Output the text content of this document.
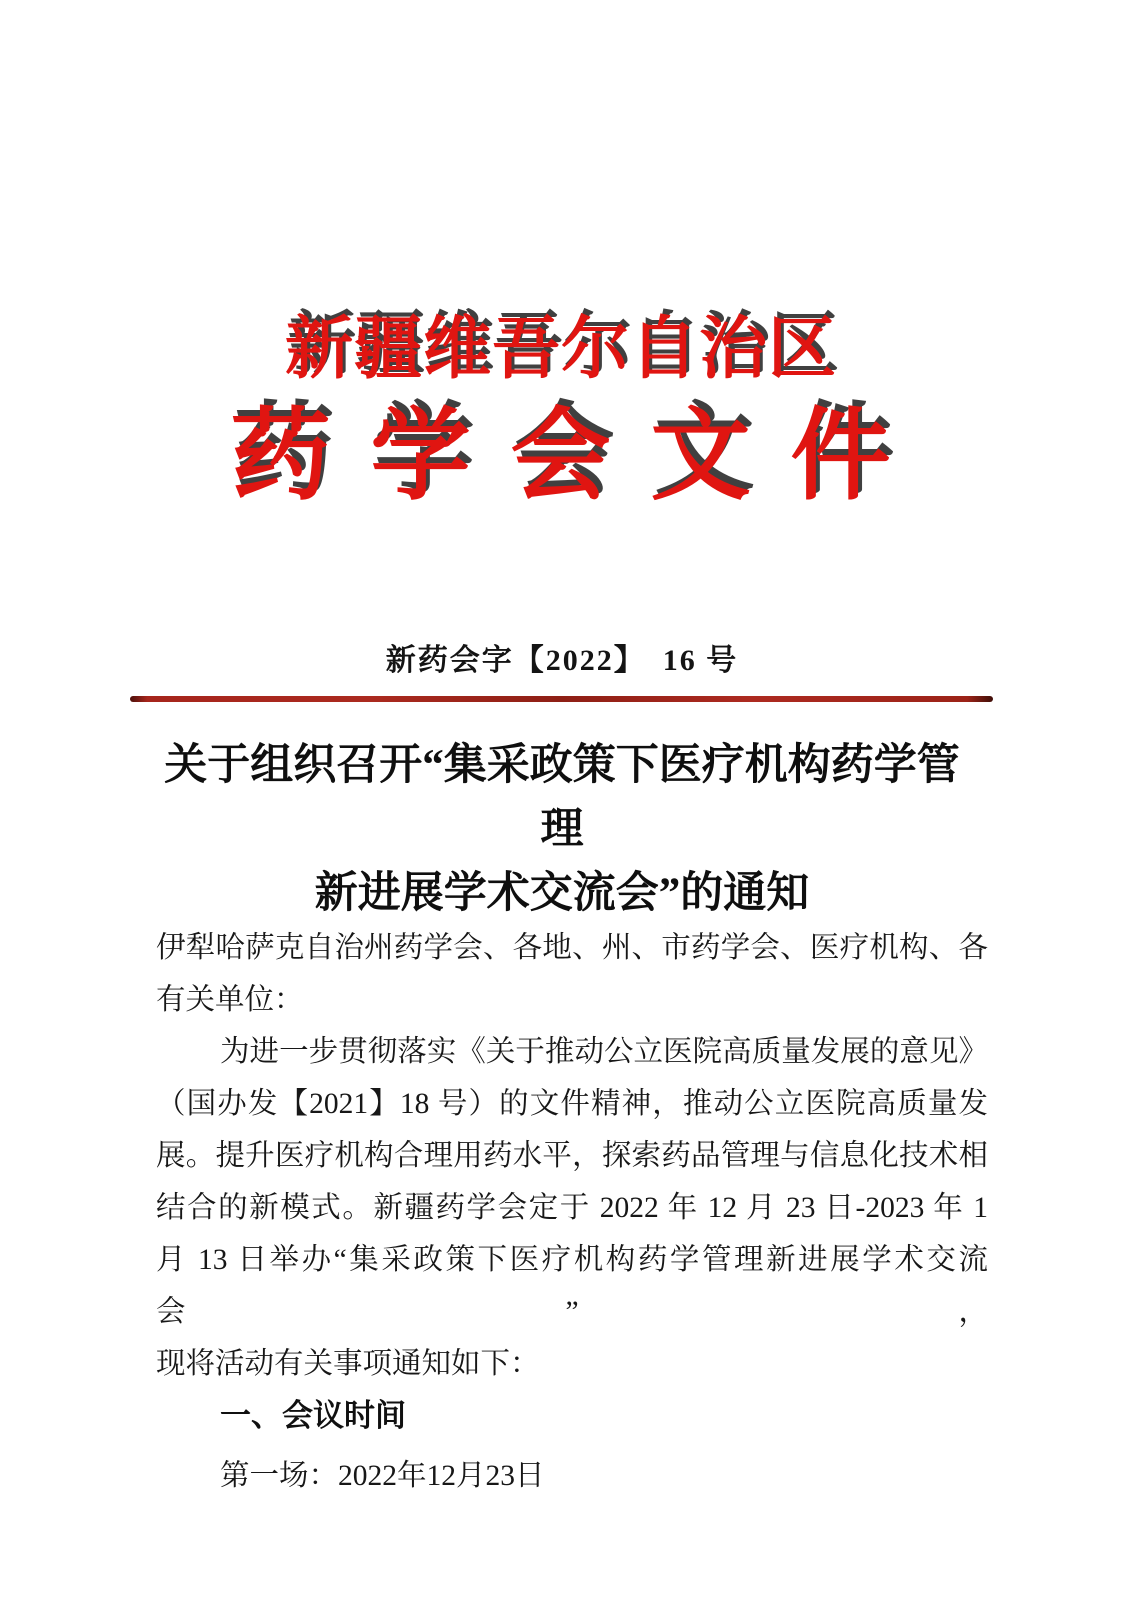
新疆维吾尔自治区
药学会文件
新药会字【2022】　16 号
关于组织召开“集采政策下医疗机构药学管理
新进展学术交流会”的通知
伊犁哈萨克自治州药学会、各地、州、市药学会、医疗机构、各
有关单位：
为进一步贯彻落实《关于推动公立医院高质量发展的意见》
（国办发【2021】18 号）的文件精神，推动公立医院高质量发
展。提升医疗机构合理用药水平，探索药品管理与信息化技术相
结合的新模式。新疆药学会定于 2022 年 12 月 23 日-2023 年 1
月 13 日举办“集采政策下医疗机构药学管理新进展学术交流会”，
现将活动有关事项通知如下：
一、会议时间
第一场：2022年12月23日
